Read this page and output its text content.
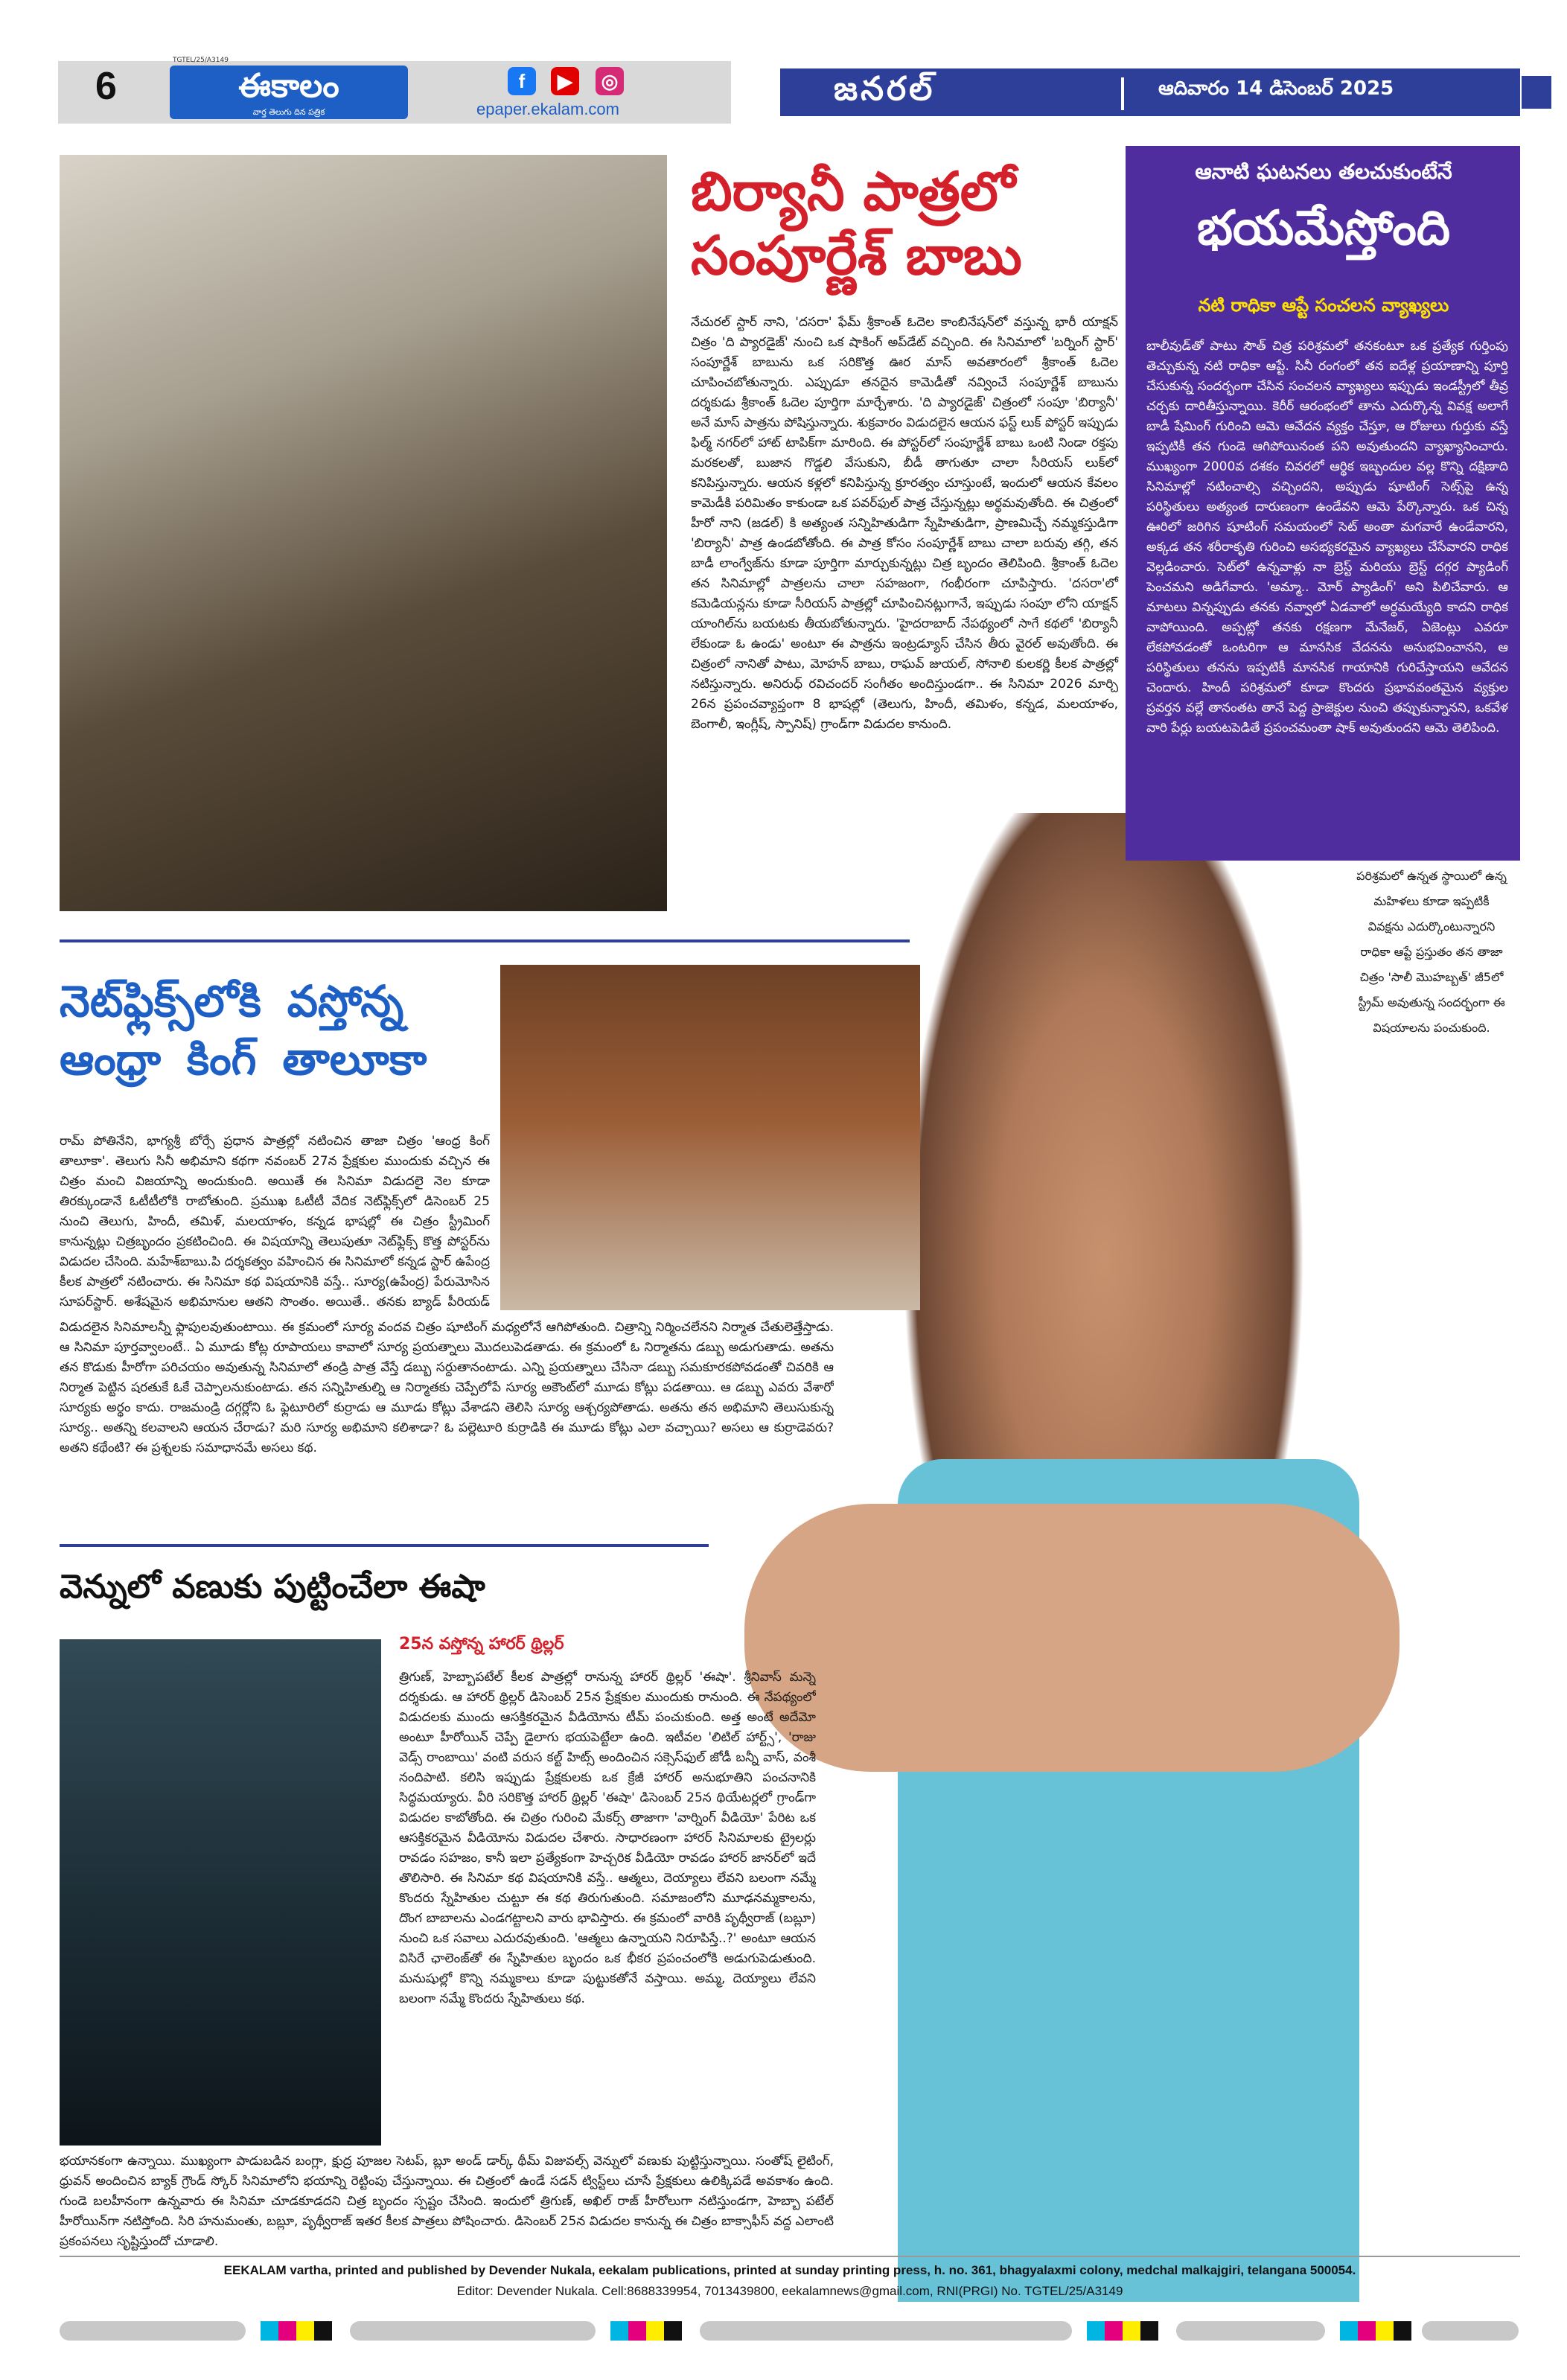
6
TGTEL/25/A3149
ఈకాలం
వార్త తెలుగు దిన పత్రిక
f	▶	◎
epaper.ekalam.com
జనరల్	ఆదివారం 14 డిసెంబర్ 2025
బిర్యానీ పాత్రలో
సంపూర్ణేశ్ బాబు
నేచురల్ స్టార్ నాని, 'దసరా' ఫేమ్ శ్రీకాంత్ ఓదెల కాంబినేషన్‌లో వస్తున్న భారీ యాక్షన్ చిత్రం 'ది ప్యారడైజ్' నుంచి ఒక షాకింగ్ అప్‌డేట్ వచ్చింది. ఈ సినిమాలో 'బర్నింగ్ స్టార్' సంపూర్ణేశ్ బాబును ఒక సరికొత్త ఊర మాస్ అవతారంలో శ్రీకాంత్ ఓదెల చూపించబోతున్నారు. ఎప్పుడూ తనదైన కామెడీతో నవ్వించే సంపూర్ణేశ్ బాబును దర్శకుడు శ్రీకాంత్ ఓదెల పూర్తిగా మార్చేశారు. 'ది ప్యారడైజ్' చిత్రంలో సంపూ 'బిర్యానీ' అనే మాస్ పాత్రను పోషిస్తున్నారు. శుక్రవారం విడుదలైన ఆయన ఫస్ట్ లుక్ పోస్టర్ ఇప్పుడు ఫిల్మ్ నగర్‌లో హాట్ టాపిక్‌గా మారింది. ఈ పోస్టర్‌లో సంపూర్ణేశ్ బాబు ఒంటి నిండా రక్తపు మరకలతో, బుజాన గొడ్డలి వేసుకుని, బీడీ తాగుతూ చాలా సీరియస్ లుక్‌లో కనిపిస్తున్నారు. ఆయన కళ్లలో కనిపిస్తున్న క్రూరత్వం చూస్తుంటే, ఇందులో ఆయన కేవలం కామెడీకి పరిమితం కాకుండా ఒక పవర్‌ఫుల్ పాత్ర చేస్తున్నట్లు అర్థమవుతోంది. ఈ చిత్రంలో హీరో నాని (జడల్) కి అత్యంత సన్నిహితుడిగా స్నేహితుడిగా, ప్రాణమిచ్చే నమ్మకస్తుడిగా 'బిర్యానీ' పాత్ర ఉండబోతోంది. ఈ పాత్ర కోసం సంపూర్ణేశ్ బాబు చాలా బరువు తగ్గి, తన బాడీ లాంగ్వేజ్‌ను కూడా పూర్తిగా మార్చుకున్నట్లు చిత్ర బృందం తెలిపింది. శ్రీకాంత్ ఓదెల తన సినిమాల్లో పాత్రలను చాలా సహజంగా, గంభీరంగా చూపిస్తారు. 'దసరా'లో కమెడియన్లను కూడా సీరియస్ పాత్రల్లో చూపించినట్లుగానే, ఇప్పుడు సంపూ లోని యాక్షన్ యాంగిల్‌ను బయటకు తీయబోతున్నారు. 'హైదరాబాద్ నేపథ్యంలో సాగే కథలో 'బిర్యానీ లేకుండా ఓ ఉండు' అంటూ ఈ పాత్రను ఇంట్రడ్యూస్ చేసిన తీరు వైరల్ అవుతోంది. ఈ చిత్రంలో నానితో పాటు, మోహన్ బాబు, రాఘవ్ జుయల్, సోనాలి కులకర్ణి కీలక పాత్రల్లో నటిస్తున్నారు. అనిరుధ్ రవిచందర్ సంగీతం అందిస్తుండగా.. ఈ సినిమా 2026 మార్చి 26న ప్రపంచవ్యాప్తంగా 8 భాషల్లో (తెలుగు, హిందీ, తమిళం, కన్నడ, మలయాళం, బెంగాలీ, ఇంగ్లీష్, స్పానిష్) గ్రాండ్‌గా విడుదల కానుంది.
ఆనాటి ఘటనలు తలచుకుంటేనే
భయమేస్తోంది
నటి రాధికా ఆప్టే సంచలన వ్యాఖ్యలు
బాలీవుడ్‌తో పాటు సౌత్ చిత్ర పరిశ్రమలో తనకంటూ ఒక ప్రత్యేక గుర్తింపు తెచ్చుకున్న నటి రాధికా ఆప్టే. సినీ రంగంలో తన ఐదేళ్ల ప్రయాణాన్ని పూర్తి చేసుకున్న సందర్భంగా చేసిన సంచలన వ్యాఖ్యలు ఇప్పుడు ఇండస్ట్రీలో తీవ్ర చర్చకు దారితీస్తున్నాయి. కెరీర్ ఆరంభంలో తాను ఎదుర్కొన్న వివక్ష అలాగే బాడీ షేమింగ్ గురించి ఆమె ఆవేదన వ్యక్తం చేస్తూ, ఆ రోజులు గుర్తుకు వస్తే ఇప్పటికీ తన గుండె ఆగిపోయినంత పని అవుతుందని వ్యాఖ్యానించారు. ముఖ్యంగా 2000వ దశకం చివరలో ఆర్థిక ఇబ్బందుల వల్ల కొన్ని దక్షిణాది సినిమాల్లో నటించాల్సి వచ్చిందని, అప్పుడు షూటింగ్ సెట్స్‌పై ఉన్న పరిస్థితులు అత్యంత దారుణంగా ఉండేవని ఆమె పేర్కొన్నారు. ఒక చిన్న ఊరిలో జరిగిన షూటింగ్ సమయంలో సెట్ అంతా మగవారే ఉండేవారని, అక్కడ తన శరీరాకృతి గురించి అసభ్యకరమైన వ్యాఖ్యలు చేసేవారని రాధిక వెల్లడించారు. సెట్‌లో ఉన్నవాళ్లు నా బ్రెస్ట్ మరియు బ్రెస్ట్ దగ్గర ప్యాడింగ్ పెంచమని అడిగేవారు. 'అమ్మా.. మోర్ ప్యాడింగ్' అని పిలిచేవారు. ఆ మాటలు విన్నప్పుడు తనకు నవ్వాలో ఏడవాలో అర్థమయ్యేది కాదని రాధిక వాపోయింది. అప్పట్లో తనకు రక్షణగా మేనేజర్, ఏజెంట్లు ఎవరూ లేకపోవడంతో ఒంటరిగా ఆ మానసిక వేదనను అనుభవించానని, ఆ పరిస్థితులు తనను ఇప్పటికీ మానసిక గాయానికి గురిచేస్తాయని ఆవేదన చెందారు. హిందీ పరిశ్రమలో కూడా కొందరు ప్రభావవంతమైన వ్యక్తుల ప్రవర్తన వల్లే తానంతట తానే పెద్ద ప్రాజెక్టుల నుంచి తప్పుకున్నానని, ఒకవేళ వారి పేర్లు బయటపెడితే ప్రపంచమంతా షాక్ అవుతుందని ఆమె తెలిపింది.
పరిశ్రమలో ఉన్నత స్థాయిలో ఉన్న మహిళలు కూడా ఇప్పటికీ వివక్షను ఎదుర్కొంటున్నారని రాధికా ఆప్టే ప్రస్తుతం తన తాజా చిత్రం 'సాలీ మొహబ్బత్' జీ5లో స్ట్రీమ్ అవుతున్న సందర్భంగా ఈ విషయాలను పంచుకుంది.
నెట్‌ఫ్లిక్స్‌లోకి వస్తోన్న
ఆంధ్రా కింగ్ తాలూకా
రామ్ పోతినేని, భాగ్యశ్రీ బోర్సే ప్రధాన పాత్రల్లో నటించిన తాజా చిత్రం 'ఆంధ్ర కింగ్ తాలూకా'. తెలుగు సినీ అభిమాని కథగా నవంబర్ 27న ప్రేక్షకుల ముందుకు వచ్చిన ఈ చిత్రం మంచి విజయాన్ని అందుకుంది. అయితే ఈ సినిమా విడుదలై నెల కూడా తిరక్కుండానే ఓటీటీలోకి రాబోతుంది. ప్రముఖ ఓటీటీ వేదిక నెట్‌ఫ్లిక్స్‌లో డిసెంబర్ 25 నుంచి తెలుగు, హిందీ, తమిళ్, మలయాళం, కన్నడ భాషల్లో ఈ చిత్రం స్ట్రీమింగ్ కానున్నట్లు చిత్రబృందం ప్రకటించింది. ఈ విషయాన్ని తెలుపుతూ నెట్‌ఫ్లిక్స్ కొత్త పోస్టర్‌ను విడుదల చేసింది. మహేశ్‌బాబు.పి దర్శకత్వం వహించిన ఈ సినిమాలో కన్నడ స్టార్ ఉపేంద్ర కీలక పాత్రలో నటించారు. ఈ సినిమా కథ విషయానికి వస్తే.. సూర్య(ఉపేంద్ర) పేరుమోసిన సూపర్‌స్టార్. అశేషమైన అభిమానుల ఆతని సొంతం. అయితే.. తనకు బ్యాడ్ పీరియడ్
విడుదలైన సినిమాలన్నీ ఫ్లాపులవుతుంటాయి. ఈ క్రమంలో సూర్య వందవ చిత్రం షూటింగ్ మధ్యలోనే ఆగిపోతుంది. చిత్రాన్ని నిర్మించలేనని నిర్మాత చేతులెత్తేస్తాడు. ఆ సినిమా పూర్తవ్వాలంటే.. ఏ మూడు కోట్ల రూపాయలు కావాలో సూర్య ప్రయత్నాలు మొదలుపెడతాడు. ఈ క్రమంలో ఓ నిర్మాతను డబ్బు అడుగుతాడు. అతను తన కొడుకు హీరోగా పరిచయం అవుతున్న సినిమాలో తండ్రి పాత్ర వేస్తే డబ్బు సర్దుతానంటాడు. ఎన్ని ప్రయత్నాలు చేసినా డబ్బు సమకూరకపోవడంతో చివరికి ఆ నిర్మాత పెట్టిన షరతుకే ఓకే చెప్పాలనుకుంటాడు. తన సన్నిహితుల్ని ఆ నిర్మాతకు చెప్పేలోపే సూర్య అకౌంట్‌లో మూడు కోట్లు పడతాయి. ఆ డబ్బు ఎవరు వేశారో సూర్యకు అర్థం కాదు. రాజమండ్రి దగ్గర్లోని ఓ ఫ్లెటూరిలో కుర్రాడు ఆ మూడు కోట్లు వేశాడని తెలిసి సూర్య ఆశ్చర్యపోతాడు. అతను తన అభిమాని తెలుసుకున్న సూర్య.. అతన్ని కలవాలని ఆయన చేరాడు? మరి సూర్య అభిమాని కలిశాడా? ఓ పల్లెటూరి కుర్రాడికి ఈ మూడు కోట్లు ఎలా వచ్చాయి? అసలు ఆ కుర్రాడెవరు? అతని కథేంటి? ఈ ప్రశ్నలకు సమాధానమే అసలు కథ.
వెన్నులో వణుకు పుట్టించేలా ఈషా
25న వస్తోన్న హారర్ థ్రిల్లర్
త్రిగుణ్, హెబ్బాపటేల్ కీలక పాత్రల్లో రానున్న హారర్ థ్రిల్లర్ 'ఈషా'. శ్రీనివాస్ మన్నె దర్శకుడు. ఆ హారర్ థ్రిల్లర్ డిసెంబర్ 25న ప్రేక్షకుల ముందుకు రానుంది. ఈ నేపథ్యంలో విడుదలకు ముందు ఆసక్తికరమైన వీడియోను టీమ్ పంచుకుంది. అత్త అంటే అదేమో అంటూ హీరోయిన్ చెప్పే డైలాగు భయపెట్టేలా ఉంది. ఇటీవల 'లిటిల్ హార్ట్స్', 'రాజు వెడ్స్ రాంబాయి' వంటి వరుస కల్ట్ హిట్స్ అందించిన సక్సెస్‌ఫుల్ జోడీ బన్నీ వాస్, వంశీ నందిపాటి. కలిసి ఇప్పుడు ప్రేక్షకులకు ఒక క్రేజీ హారర్ అనుభూతిని పంచనానికి సిద్ధమయ్యారు. వీరి సరికొత్త హారర్ థ్రిల్లర్ 'ఈషా' డిసెంబర్ 25న థియేటర్లలో గ్రాండ్‌గా విడుదల కాబోతోంది. ఈ చిత్రం గురించి మేకర్స్ తాజాగా 'వార్నింగ్ వీడియో' పేరిట ఒక ఆసక్తికరమైన వీడియోను విడుదల చేశారు. సాధారణంగా హారర్ సినిమాలకు ట్రైలర్లు రావడం సహజం, కానీ ఇలా ప్రత్యేకంగా హెచ్చరిక వీడియో రావడం హారర్ జానర్‌లో ఇదే తొలిసారి. ఈ సినిమా కథ విషయానికి వస్తే.. ఆత్మలు, దెయ్యాలు లేవని బలంగా నమ్మే కొందరు స్నేహితుల చుట్టూ ఈ కథ తిరుగుతుంది. సమాజంలోని మూఢనమ్మకాలను, దొంగ బాబాలను ఎండగట్టాలని వారు భావిస్తారు. ఈ క్రమంలో వారికి పృథ్వీరాజ్ (బబ్లూ) నుంచి ఒక సవాలు ఎదురవుతుంది. 'ఆత్మలు ఉన్నాయని నిరూపిస్తే..?' అంటూ ఆయన విసిరే ఛాలెంజ్‌తో ఈ స్నేహితుల బృందం ఒక భీకర ప్రపంచంలోకి అడుగుపెడుతుంది. మనుషుల్లో కొన్ని నమ్మకాలు కూడా పుట్టుకతోనే వస్తాయి. అమ్మ, దెయ్యాలు లేవని బలంగా నమ్మే కొందరు స్నేహితులు కథ.
భయానకంగా ఉన్నాయి. ముఖ్యంగా పాడుబడిన బంగ్లా, క్షుద్ర పూజల సెటప్, బ్లూ అండ్ డార్క్ థీమ్ విజువల్స్ వెన్నులో వణుకు పుట్టిస్తున్నాయి. సంతోష్ లైటింగ్, ధ్రువన్ అందించిన బ్యాక్ గ్రౌండ్ స్కోర్ సినిమాలోని భయాన్ని రెట్టింపు చేస్తున్నాయి. ఈ చిత్రంలో ఉండే సడన్ ట్విస్ట్‌లు చూసే ప్రేక్షకులు ఉలిక్కిపడే అవకాశం ఉంది. గుండె బలహీనంగా ఉన్నవారు ఈ సినిమా చూడకూడదని చిత్ర బృందం స్పష్టం చేసింది. ఇందులో త్రిగుణ్, అఖిల్ రాజ్ హీరోలుగా నటిస్తుండగా, హెబ్బా పటేల్ హీరోయిన్‌గా నటిస్తోంది. సిరి హనుమంతు, బబ్లూ, పృథ్వీరాజ్ ఇతర కీలక పాత్రలు పోషించారు. డిసెంబర్ 25న విడుదల కానున్న ఈ చిత్రం బాక్సాఫీస్ వద్ద ఎలాంటి ప్రకంపనలు సృష్టిస్తుందో చూడాలి.
EEKALAM vartha, printed and published by Devender Nukala, eekalam publications, printed at sunday printing press, h. no. 361, bhagyalaxmi colony, medchal malkajgiri, telangana 500054.
Editor: Devender Nukala. Cell:8688339954, 7013439800, eekalamnews@gmail.com, RNI(PRGI) No. TGTEL/25/A3149
